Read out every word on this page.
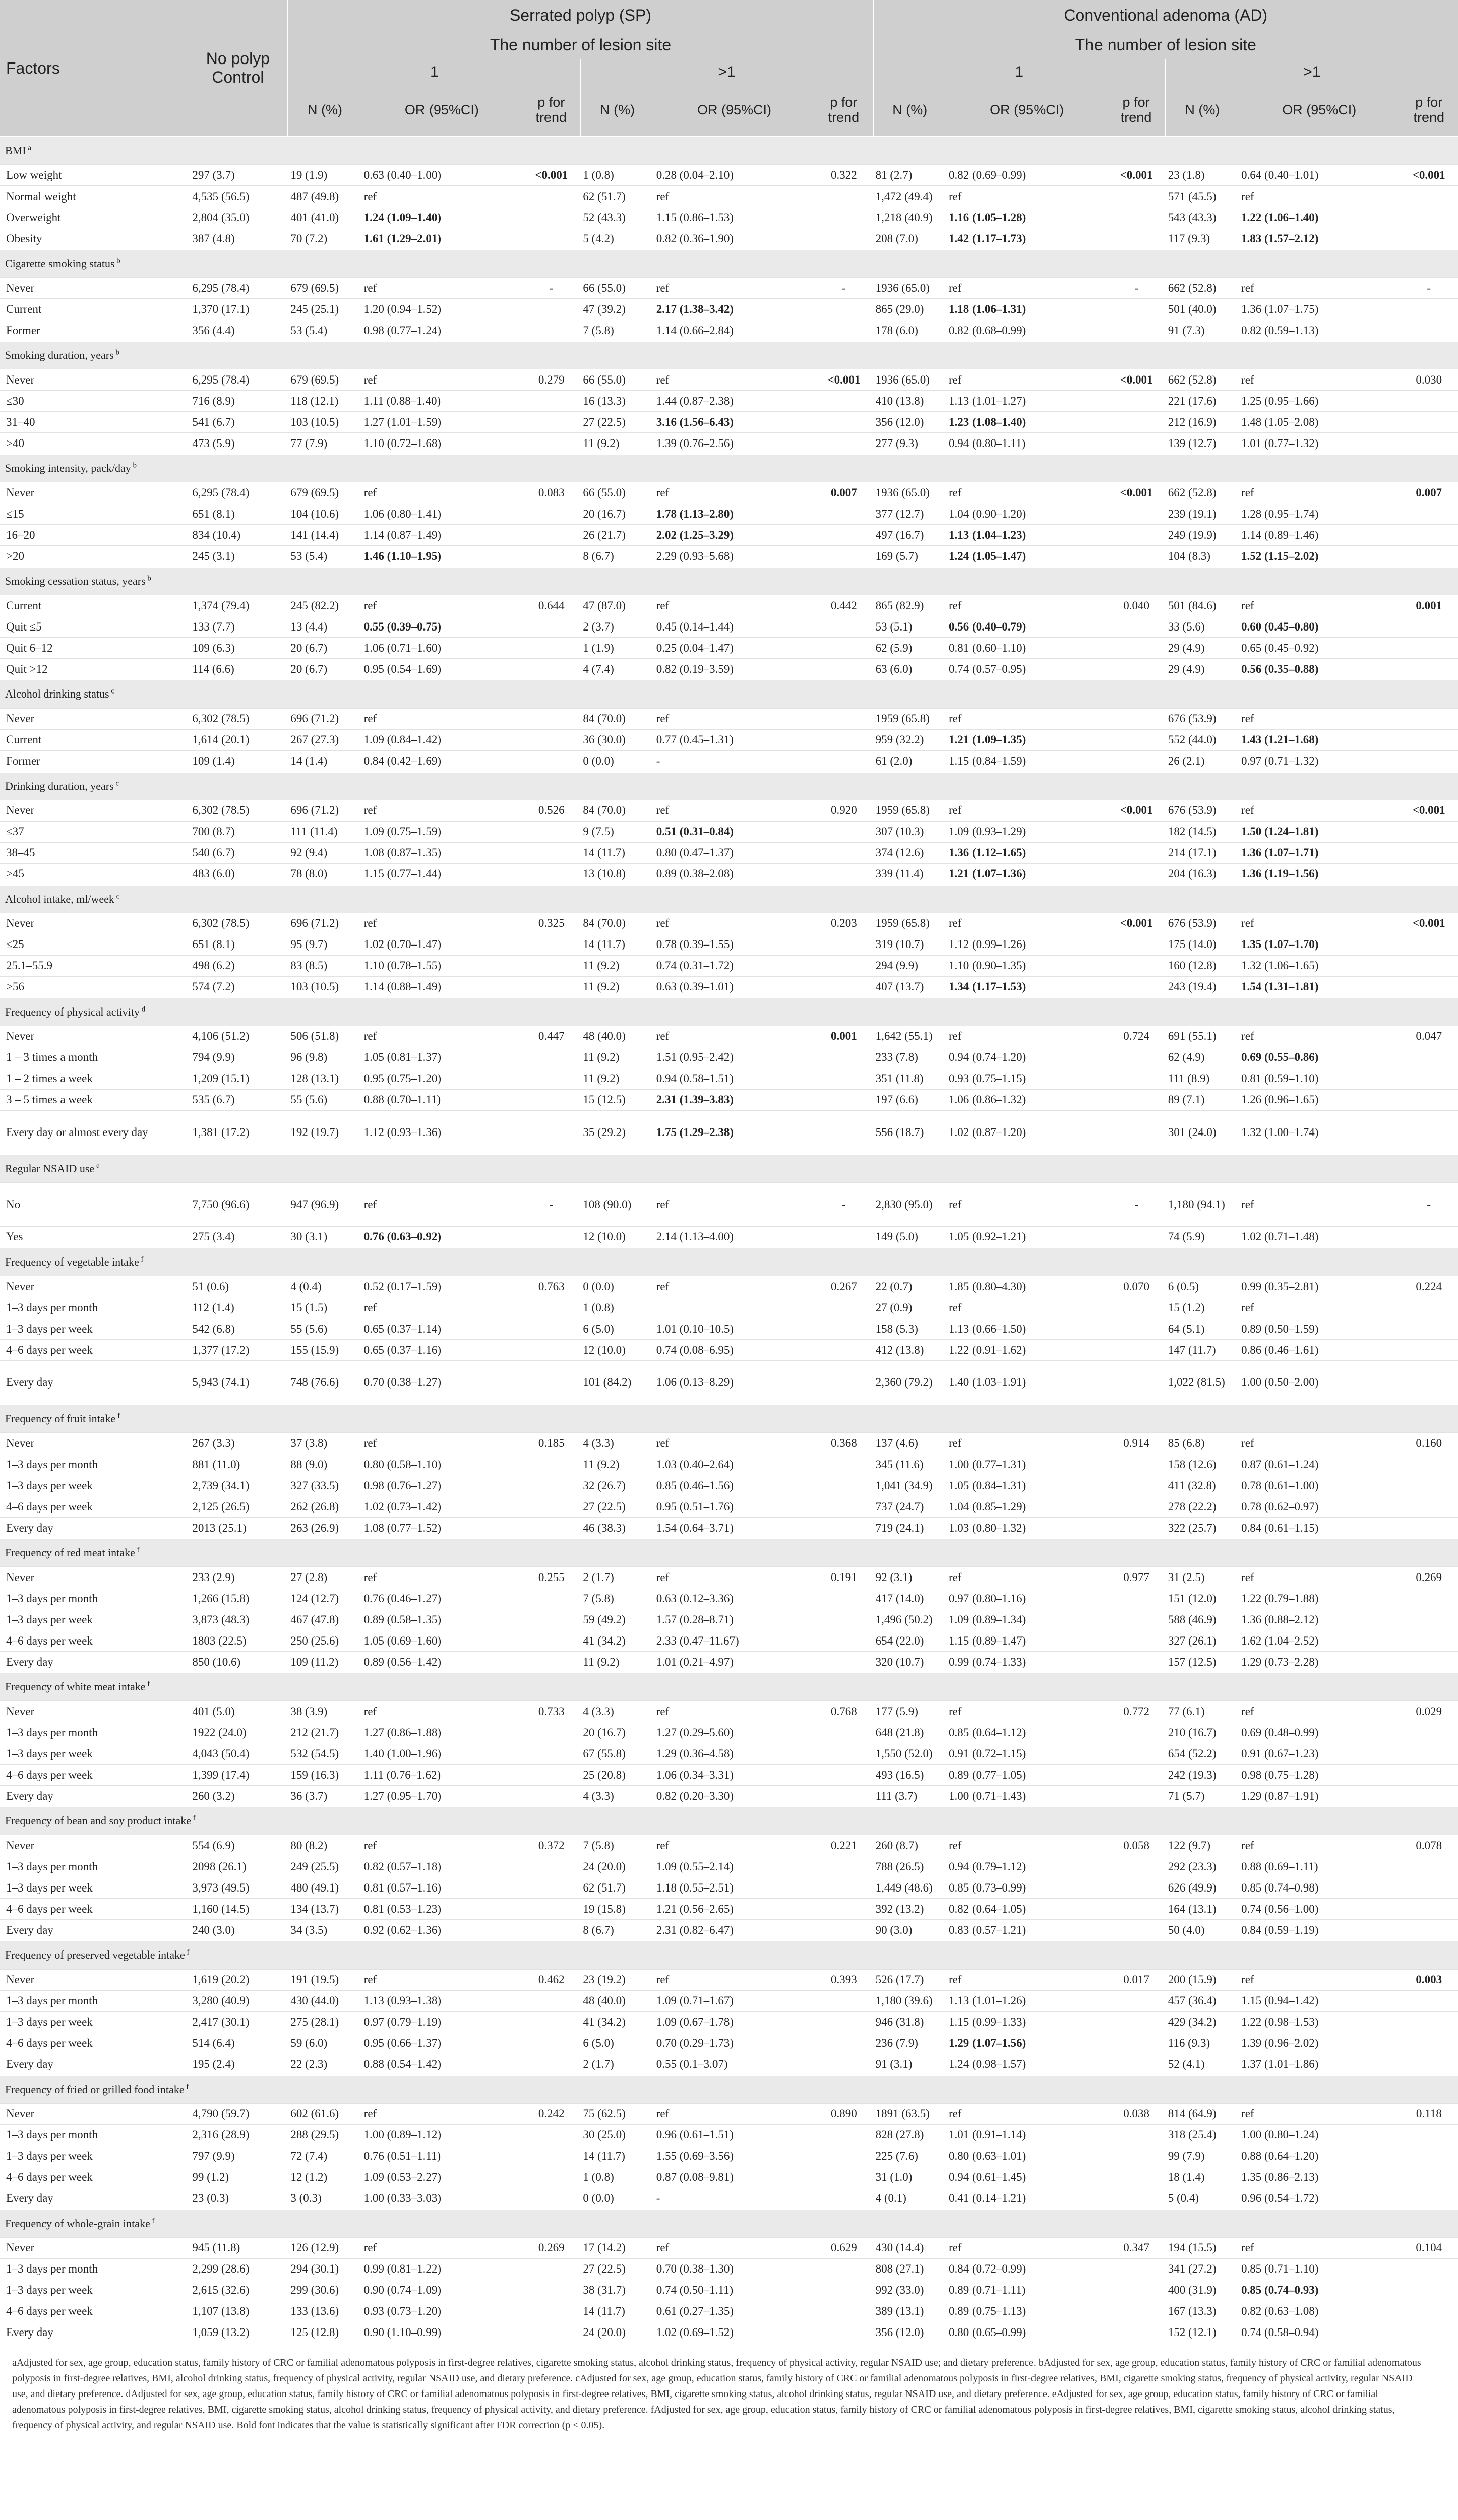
Factors	No polyp Control	Serrated polyp (SP)						Conventional adenoma (AD)					
		The number of lesion site						The number of lesion site					
		1			>1			1			>1		
		N (%)	OR (95%CI)	p for trend	N (%)	OR (95%CI)	p for trend	N (%)	OR (95%CI)	p for trend	N (%)	OR (95%CI)	p for trend
BMI $^a$
Low weight	297 (3.7)	19 (1.9)	0.63 (0.40–1.00)	<0.001	1 (0.8)	0.28 (0.04–2.10)	0.322	81 (2.7)	0.82 (0.69–0.99)	<0.001	23 (1.8)	0.64 (0.40–1.01)	<0.001
Normal weight	4,535 (56.5)	487 (49.8)	ref		62 (51.7)	ref		1,472 (49.4)	ref		571 (45.5)	ref	
Overweight	2,804 (35.0)	401 (41.0)	1.24 (1.09–1.40)		52 (43.3)	1.15 (0.86–1.53)		1,218 (40.9)	1.16 (1.05–1.28)		543 (43.3)	1.22 (1.06–1.40)	
Obesity	387 (4.8)	70 (7.2)	1.61 (1.29–2.01)		5 (4.2)	0.82 (0.36–1.90)		208 (7.0)	1.42 (1.17–1.73)		117 (9.3)	1.83 (1.57–2.12)	
Cigarette smoking status $^b$
Never	6,295 (78.4)	679 (69.5)	ref	-	66 (55.0)	ref	-	1936 (65.0)	ref	-	662 (52.8)	ref	-
Current	1,370 (17.1)	245 (25.1)	1.20 (0.94–1.52)		47 (39.2)	2.17 (1.38–3.42)		865 (29.0)	1.18 (1.06–1.31)		501 (40.0)	1.36 (1.07–1.75)	
Former	356 (4.4)	53 (5.4)	0.98 (0.77–1.24)		7 (5.8)	1.14 (0.66–2.84)		178 (6.0)	0.82 (0.68–0.99)		91 (7.3)	0.82 (0.59–1.13)	
Smoking duration, years $^b$
Never	6,295 (78.4)	679 (69.5)	ref	0.279	66 (55.0)	ref	<0.001	1936 (65.0)	ref	<0.001	662 (52.8)	ref	0.030
≤30	716 (8.9)	118 (12.1)	1.11 (0.88–1.40)		16 (13.3)	1.44 (0.87–2.38)		410 (13.8)	1.13 (1.01–1.27)		221 (17.6)	1.25 (0.95–1.66)	
31–40	541 (6.7)	103 (10.5)	1.27 (1.01–1.59)		27 (22.5)	3.16 (1.56–6.43)		356 (12.0)	1.23 (1.08–1.40)		212 (16.9)	1.48 (1.05–2.08)	
>40	473 (5.9)	77 (7.9)	1.10 (0.72–1.68)		11 (9.2)	1.39 (0.76–2.56)		277 (9.3)	0.94 (0.80–1.11)		139 (12.7)	1.01 (0.77–1.32)	
Smoking intensity, pack/day $^b$
Never	6,295 (78.4)	679 (69.5)	ref	0.083	66 (55.0)	ref	0.007	1936 (65.0)	ref	<0.001	662 (52.8)	ref	0.007
≤15	651 (8.1)	104 (10.6)	1.06 (0.80–1.41)		20 (16.7)	1.78 (1.13–2.80)		377 (12.7)	1.04 (0.90–1.20)		239 (19.1)	1.28 (0.95–1.74)	
16–20	834 (10.4)	141 (14.4)	1.14 (0.87–1.49)		26 (21.7)	2.02 (1.25–3.29)		497 (16.7)	1.13 (1.04–1.23)		249 (19.9)	1.14 (0.89–1.46)	
>20	245 (3.1)	53 (5.4)	1.46 (1.10–1.95)		8 (6.7)	2.29 (0.93–5.68)		169 (5.7)	1.24 (1.05–1.47)		104 (8.3)	1.52 (1.15–2.02)	
Smoking cessation status, years $^b$
Current	1,374 (79.4)	245 (82.2)	ref	0.644	47 (87.0)	ref	0.442	865 (82.9)	ref	0.040	501 (84.6)	ref	0.001
Quit ≤5	133 (7.7)	13 (4.4)	0.55 (0.39–0.75)		2 (3.7)	0.45 (0.14–1.44)		53 (5.1)	0.56 (0.40–0.79)		33 (5.6)	0.60 (0.45–0.80)	
Quit 6–12	109 (6.3)	20 (6.7)	1.06 (0.71–1.60)		1 (1.9)	0.25 (0.04–1.47)		62 (5.9)	0.81 (0.60–1.10)		29 (4.9)	0.65 (0.45–0.92)	
Quit >12	114 (6.6)	20 (6.7)	0.95 (0.54–1.69)		4 (7.4)	0.82 (0.19–3.59)		63 (6.0)	0.74 (0.57–0.95)		29 (4.9)	0.56 (0.35–0.88)	
Alcohol drinking status $^c$
Never	6,302 (78.5)	696 (71.2)	ref		84 (70.0)	ref		1959 (65.8)	ref		676 (53.9)	ref	
Current	1,614 (20.1)	267 (27.3)	1.09 (0.84–1.42)		36 (30.0)	0.77 (0.45–1.31)		959 (32.2)	1.21 (1.09–1.35)		552 (44.0)	1.43 (1.21–1.68)	
Former	109 (1.4)	14 (1.4)	0.84 (0.42–1.69)		0 (0.0)	-		61 (2.0)	1.15 (0.84–1.59)		26 (2.1)	0.97 (0.71–1.32)	
Drinking duration, years $^c$
Never	6,302 (78.5)	696 (71.2)	ref	0.526	84 (70.0)	ref	0.920	1959 (65.8)	ref	<0.001	676 (53.9)	ref	<0.001
≤37	700 (8.7)	111 (11.4)	1.09 (0.75–1.59)		9 (7.5)	0.51 (0.31–0.84)		307 (10.3)	1.09 (0.93–1.29)		182 (14.5)	1.50 (1.24–1.81)	
38–45	540 (6.7)	92 (9.4)	1.08 (0.87–1.35)		14 (11.7)	0.80 (0.47–1.37)		374 (12.6)	1.36 (1.12–1.65)		214 (17.1)	1.36 (1.07–1.71)	
>45	483 (6.0)	78 (8.0)	1.15 (0.77–1.44)		13 (10.8)	0.89 (0.38–2.08)		339 (11.4)	1.21 (1.07–1.36)		204 (16.3)	1.36 (1.19–1.56)	
Alcohol intake, ml/week $^c$
Never	6,302 (78.5)	696 (71.2)	ref	0.325	84 (70.0)	ref	0.203	1959 (65.8)	ref	<0.001	676 (53.9)	ref	<0.001
≤25	651 (8.1)	95 (9.7)	1.02 (0.70–1.47)		14 (11.7)	0.78 (0.39–1.55)		319 (10.7)	1.12 (0.99–1.26)		175 (14.0)	1.35 (1.07–1.70)	
25.1–55.9	498 (6.2)	83 (8.5)	1.10 (0.78–1.55)		11 (9.2)	0.74 (0.31–1.72)		294 (9.9)	1.10 (0.90–1.35)		160 (12.8)	1.32 (1.06–1.65)	
>56	574 (7.2)	103 (10.5)	1.14 (0.88–1.49)		11 (9.2)	0.63 (0.39–1.01)		407 (13.7)	1.34 (1.17–1.53)		243 (19.4)	1.54 (1.31–1.81)	
Frequency of physical activity $^d$
Never	4,106 (51.2)	506 (51.8)	ref	0.447	48 (40.0)	ref	0.001	1,642 (55.1)	ref	0.724	691 (55.1)	ref	0.047
1 – 3 times a month	794 (9.9)	96 (9.8)	1.05 (0.81–1.37)		11 (9.2)	1.51 (0.95–2.42)		233 (7.8)	0.94 (0.74–1.20)		62 (4.9)	0.69 (0.55–0.86)	
1 – 2 times a week	1,209 (15.1)	128 (13.1)	0.95 (0.75–1.20)		11 (9.2)	0.94 (0.58–1.51)		351 (11.8)	0.93 (0.75–1.15)		111 (8.9)	0.81 (0.59–1.10)	
3 – 5 times a week	535 (6.7)	55 (5.6)	0.88 (0.70–1.11)		15 (12.5)	2.31 (1.39–3.83)		197 (6.6)	1.06 (0.86–1.32)		89 (7.1)	1.26 (0.96–1.65)	
Every day or almost every day	1,381 (17.2)	192 (19.7)	1.12 (0.93–1.36)		35 (29.2)	1.75 (1.29–2.38)		556 (18.7)	1.02 (0.87–1.20)		301 (24.0)	1.32 (1.00–1.74)	
Regular NSAID use $^e$
No	7,750 (96.6)	947 (96.9)	ref	-	108 (90.0)	ref	-	2,830 (95.0)	ref	-	1,180 (94.1)	ref	-
Yes	275 (3.4)	30 (3.1)	0.76 (0.63–0.92)		12 (10.0)	2.14 (1.13–4.00)		149 (5.0)	1.05 (0.92–1.21)		74 (5.9)	1.02 (0.71–1.48)	
Frequency of vegetable intake $^f$
Never	51 (0.6)	4 (0.4)	0.52 (0.17–1.59)	0.763	0 (0.0)	ref	0.267	22 (0.7)	1.85 (0.80–4.30)	0.070	6 (0.5)	0.99 (0.35–2.81)	0.224
1–3 days per month	112 (1.4)	15 (1.5)	ref		1 (0.8)			27 (0.9)	ref		15 (1.2)	ref	
1–3 days per week	542 (6.8)	55 (5.6)	0.65 (0.37–1.14)		6 (5.0)	1.01 (0.10–10.5)		158 (5.3)	1.13 (0.66–1.50)		64 (5.1)	0.89 (0.50–1.59)	
4–6 days per week	1,377 (17.2)	155 (15.9)	0.65 (0.37–1.16)		12 (10.0)	0.74 (0.08–6.95)		412 (13.8)	1.22 (0.91–1.62)		147 (11.7)	0.86 (0.46–1.61)	
Every day	5,943 (74.1)	748 (76.6)	0.70 (0.38–1.27)		101 (84.2)	1.06 (0.13–8.29)		2,360 (79.2)	1.40 (1.03–1.91)		1,022 (81.5)	1.00 (0.50–2.00)	
Frequency of fruit intake $^f$
Never	267 (3.3)	37 (3.8)	ref	0.185	4 (3.3)	ref	0.368	137 (4.6)	ref	0.914	85 (6.8)	ref	0.160
1–3 days per month	881 (11.0)	88 (9.0)	0.80 (0.58–1.10)		11 (9.2)	1.03 (0.40–2.64)		345 (11.6)	1.00 (0.77–1.31)		158 (12.6)	0.87 (0.61–1.24)	
1–3 days per week	2,739 (34.1)	327 (33.5)	0.98 (0.76–1.27)		32 (26.7)	0.85 (0.46–1.56)		1,041 (34.9)	1.05 (0.84–1.31)		411 (32.8)	0.78 (0.61–1.00)	
4–6 days per week	2,125 (26.5)	262 (26.8)	1.02 (0.73–1.42)		27 (22.5)	0.95 (0.51–1.76)		737 (24.7)	1.04 (0.85–1.29)		278 (22.2)	0.78 (0.62–0.97)	
Every day	2013 (25.1)	263 (26.9)	1.08 (0.77–1.52)		46 (38.3)	1.54 (0.64–3.71)		719 (24.1)	1.03 (0.80–1.32)		322 (25.7)	0.84 (0.61–1.15)	
Frequency of red meat intake $^f$
Never	233 (2.9)	27 (2.8)	ref	0.255	2 (1.7)	ref	0.191	92 (3.1)	ref	0.977	31 (2.5)	ref	0.269
1–3 days per month	1,266 (15.8)	124 (12.7)	0.76 (0.46–1.27)		7 (5.8)	0.63 (0.12–3.36)		417 (14.0)	0.97 (0.80–1.16)		151 (12.0)	1.22 (0.79–1.88)	
1–3 days per week	3,873 (48.3)	467 (47.8)	0.89 (0.58–1.35)		59 (49.2)	1.57 (0.28–8.71)		1,496 (50.2)	1.09 (0.89–1.34)		588 (46.9)	1.36 (0.88–2.12)	
4–6 days per week	1803 (22.5)	250 (25.6)	1.05 (0.69–1.60)		41 (34.2)	2.33 (0.47–11.67)		654 (22.0)	1.15 (0.89–1.47)		327 (26.1)	1.62 (1.04–2.52)	
Every day	850 (10.6)	109 (11.2)	0.89 (0.56–1.42)		11 (9.2)	1.01 (0.21–4.97)		320 (10.7)	0.99 (0.74–1.33)		157 (12.5)	1.29 (0.73–2.28)	
Frequency of white meat intake $^f$
Never	401 (5.0)	38 (3.9)	ref	0.733	4 (3.3)	ref	0.768	177 (5.9)	ref	0.772	77 (6.1)	ref	0.029
1–3 days per month	1922 (24.0)	212 (21.7)	1.27 (0.86–1.88)		20 (16.7)	1.27 (0.29–5.60)		648 (21.8)	0.85 (0.64–1.12)		210 (16.7)	0.69 (0.48–0.99)	
1–3 days per week	4,043 (50.4)	532 (54.5)	1.40 (1.00–1.96)		67 (55.8)	1.29 (0.36–4.58)		1,550 (52.0)	0.91 (0.72–1.15)		654 (52.2)	0.91 (0.67–1.23)	
4–6 days per week	1,399 (17.4)	159 (16.3)	1.11 (0.76–1.62)		25 (20.8)	1.06 (0.34–3.31)		493 (16.5)	0.89 (0.77–1.05)		242 (19.3)	0.98 (0.75–1.28)	
Every day	260 (3.2)	36 (3.7)	1.27 (0.95–1.70)		4 (3.3)	0.82 (0.20–3.30)		111 (3.7)	1.00 (0.71–1.43)		71 (5.7)	1.29 (0.87–1.91)	
Frequency of bean and soy product intake $^f$
Never	554 (6.9)	80 (8.2)	ref	0.372	7 (5.8)	ref	0.221	260 (8.7)	ref	0.058	122 (9.7)	ref	0.078
1–3 days per month	2098 (26.1)	249 (25.5)	0.82 (0.57–1.18)		24 (20.0)	1.09 (0.55–2.14)		788 (26.5)	0.94 (0.79–1.12)		292 (23.3)	0.88 (0.69–1.11)	
1–3 days per week	3,973 (49.5)	480 (49.1)	0.81 (0.57–1.16)		62 (51.7)	1.18 (0.55–2.51)		1,449 (48.6)	0.85 (0.73–0.99)		626 (49.9)	0.85 (0.74–0.98)	
4–6 days per week	1,160 (14.5)	134 (13.7)	0.81 (0.53–1.23)		19 (15.8)	1.21 (0.56–2.65)		392 (13.2)	0.82 (0.64–1.05)		164 (13.1)	0.74 (0.56–1.00)	
Every day	240 (3.0)	34 (3.5)	0.92 (0.62–1.36)		8 (6.7)	2.31 (0.82–6.47)		90 (3.0)	0.83 (0.57–1.21)		50 (4.0)	0.84 (0.59–1.19)	
Frequency of preserved vegetable intake $^f$
Never	1,619 (20.2)	191 (19.5)	ref	0.462	23 (19.2)	ref	0.393	526 (17.7)	ref	0.017	200 (15.9)	ref	0.003
1–3 days per month	3,280 (40.9)	430 (44.0)	1.13 (0.93–1.38)		48 (40.0)	1.09 (0.71–1.67)		1,180 (39.6)	1.13 (1.01–1.26)		457 (36.4)	1.15 (0.94–1.42)	
1–3 days per week	2,417 (30.1)	275 (28.1)	0.97 (0.79–1.19)		41 (34.2)	1.09 (0.67–1.78)		946 (31.8)	1.15 (0.99–1.33)		429 (34.2)	1.22 (0.98–1.53)	
4–6 days per week	514 (6.4)	59 (6.0)	0.95 (0.66–1.37)		6 (5.0)	0.70 (0.29–1.73)		236 (7.9)	1.29 (1.07–1.56)		116 (9.3)	1.39 (0.96–2.02)	
Every day	195 (2.4)	22 (2.3)	0.88 (0.54–1.42)		2 (1.7)	0.55 (0.1–3.07)		91 (3.1)	1.24 (0.98–1.57)		52 (4.1)	1.37 (1.01–1.86)	
Frequency of fried or grilled food intake $^f$
Never	4,790 (59.7)	602 (61.6)	ref	0.242	75 (62.5)	ref	0.890	1891 (63.5)	ref	0.038	814 (64.9)	ref	0.118
1–3 days per month	2,316 (28.9)	288 (29.5)	1.00 (0.89–1.12)		30 (25.0)	0.96 (0.61–1.51)		828 (27.8)	1.01 (0.91–1.14)		318 (25.4)	1.00 (0.80–1.24)	
1–3 days per week	797 (9.9)	72 (7.4)	0.76 (0.51–1.11)		14 (11.7)	1.55 (0.69–3.56)		225 (7.6)	0.80 (0.63–1.01)		99 (7.9)	0.88 (0.64–1.20)	
4–6 days per week	99 (1.2)	12 (1.2)	1.09 (0.53–2.27)		1 (0.8)	0.87 (0.08–9.81)		31 (1.0)	0.94 (0.61–1.45)		18 (1.4)	1.35 (0.86–2.13)	
Every day	23 (0.3)	3 (0.3)	1.00 (0.33–3.03)		0 (0.0)	-		4 (0.1)	0.41 (0.14–1.21)		5 (0.4)	0.96 (0.54–1.72)	
Frequency of whole-grain intake $^f$
Never	945 (11.8)	126 (12.9)	ref	0.269	17 (14.2)	ref	0.629	430 (14.4)	ref	0.347	194 (15.5)	ref	0.104
1–3 days per month	2,299 (28.6)	294 (30.1)	0.99 (0.81–1.22)		27 (22.5)	0.70 (0.38–1.30)		808 (27.1)	0.84 (0.72–0.99)		341 (27.2)	0.85 (0.71–1.10)	
1–3 days per week	2,615 (32.6)	299 (30.6)	0.90 (0.74–1.09)		38 (31.7)	0.74 (0.50–1.11)		992 (33.0)	0.89 (0.71–1.11)		400 (31.9)	0.85 (0.74–0.93)	
4–6 days per week	1,107 (13.8)	133 (13.6)	0.93 (0.73–1.20)		14 (11.7)	0.61 (0.27–1.35)		389 (13.1)	0.89 (0.75–1.13)		167 (13.3)	0.82 (0.63–1.08)	
Every day	1,059 (13.2)	125 (12.8)	0.90 (1.10–0.99)		24 (20.0)	1.02 (0.69–1.52)		356 (12.0)	0.80 (0.65–0.99)		152 (12.1)	0.74 (0.58–0.94)	

aAdjusted for sex, age group, education status, family history of CRC or familial adenomatous polyposis in first-degree relatives, cigarette smoking status, alcohol drinking status, frequency of physical activity, regular NSAID use; and dietary preference. bAdjusted for sex, age group, education status, family history of CRC or familial adenomatous polyposis in first-degree relatives, BMI, alcohol drinking status, frequency of physical activity, regular NSAID use, and dietary preference. cAdjusted for sex, age group, education status, family history of CRC or familial adenomatous polyposis in first-degree relatives, BMI, cigarette smoking status, frequency of physical activity, regular NSAID use, and dietary preference. dAdjusted for sex, age group, education status, family history of CRC or familial adenomatous polyposis in first-degree relatives, BMI, cigarette smoking status, alcohol drinking status, regular NSAID use, and dietary preference. eAdjusted for sex, age group, education status, family history of CRC or familial adenomatous polyposis in first-degree relatives, BMI, cigarette smoking status, alcohol drinking status, frequency of physical activity, and dietary preference. fAdjusted for sex, age group, education status, family history of CRC or familial adenomatous polyposis in first-degree relatives, BMI, cigarette smoking status, alcohol drinking status, frequency of physical activity, and regular NSAID use. Bold font indicates that the value is statistically significant after FDR correction (p < 0.05).
